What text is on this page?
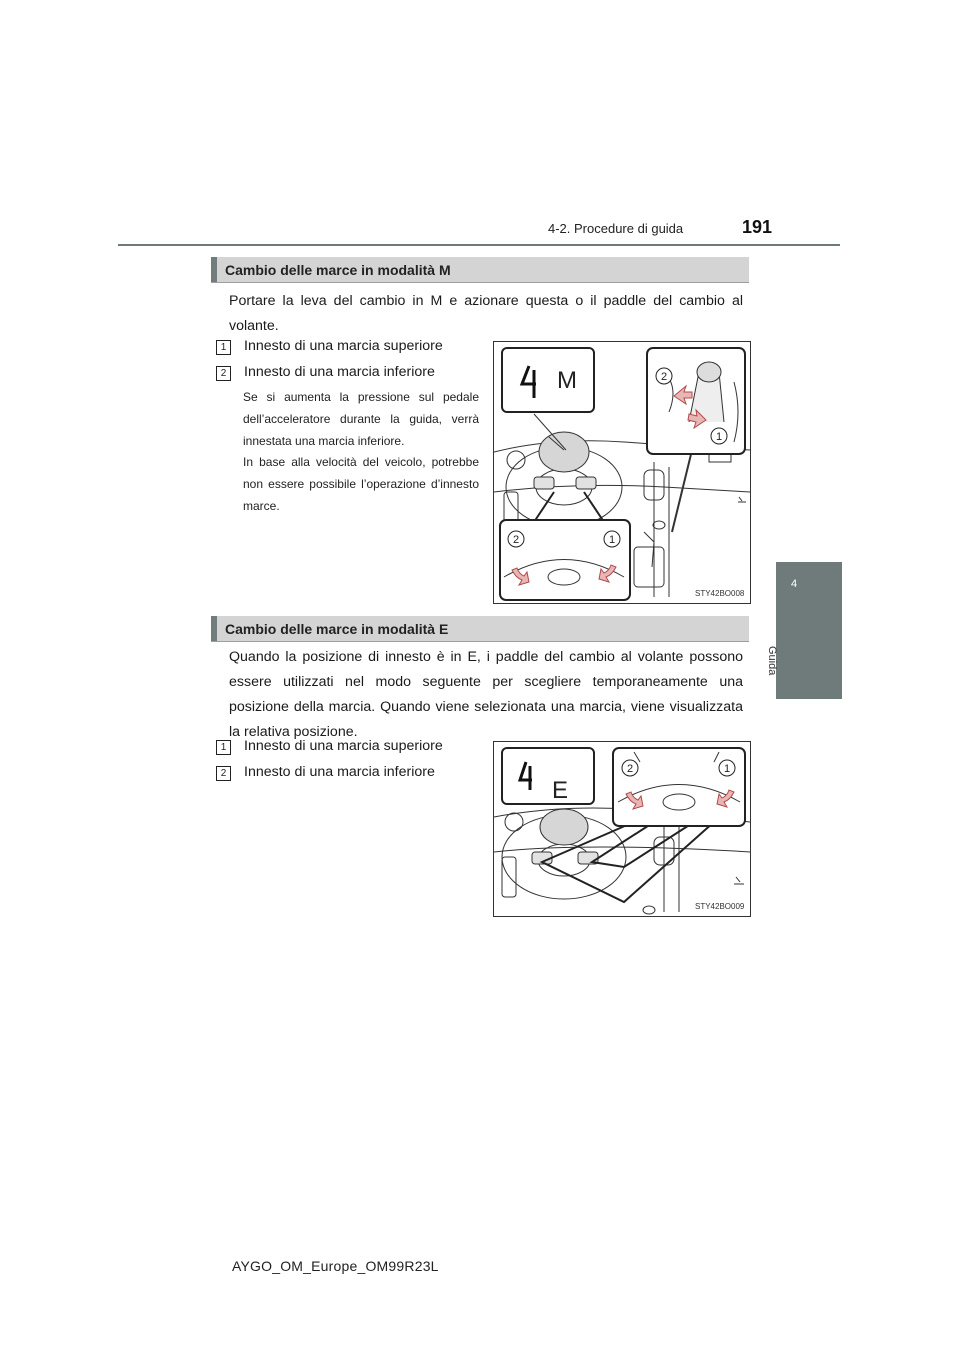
4-2. Procedure di guida	191
4
Guida
Cambio delle marce in modalità M
Portare la leva del cambio in M e azionare questa o il paddle del cambio al volante.
1	Innesto di una marcia superiore
2	Innesto di una marcia inferiore
Se si aumenta la pressione sul pedale dell’acceleratore durante la guida, verrà innestata una marcia inferiore.
In base alla velocità del veicolo, potrebbe non essere possibile l’operazione d’innesto marce.
M	2
1
2	1
STY42BO008
Cambio delle marce in modalità E
Quando la posizione di innesto è in E, i paddle del cambio al volante possono essere utilizzati nel modo seguente per scegliere temporaneamente una posizione della marcia. Quando viene selezionata una marcia, viene visualizzata la relativa posizione.
1	Innesto di una marcia superiore
2	Innesto di una marcia inferiore
E
2	1
STY42BO009
AYGO_OM_Europe_OM99R23L
